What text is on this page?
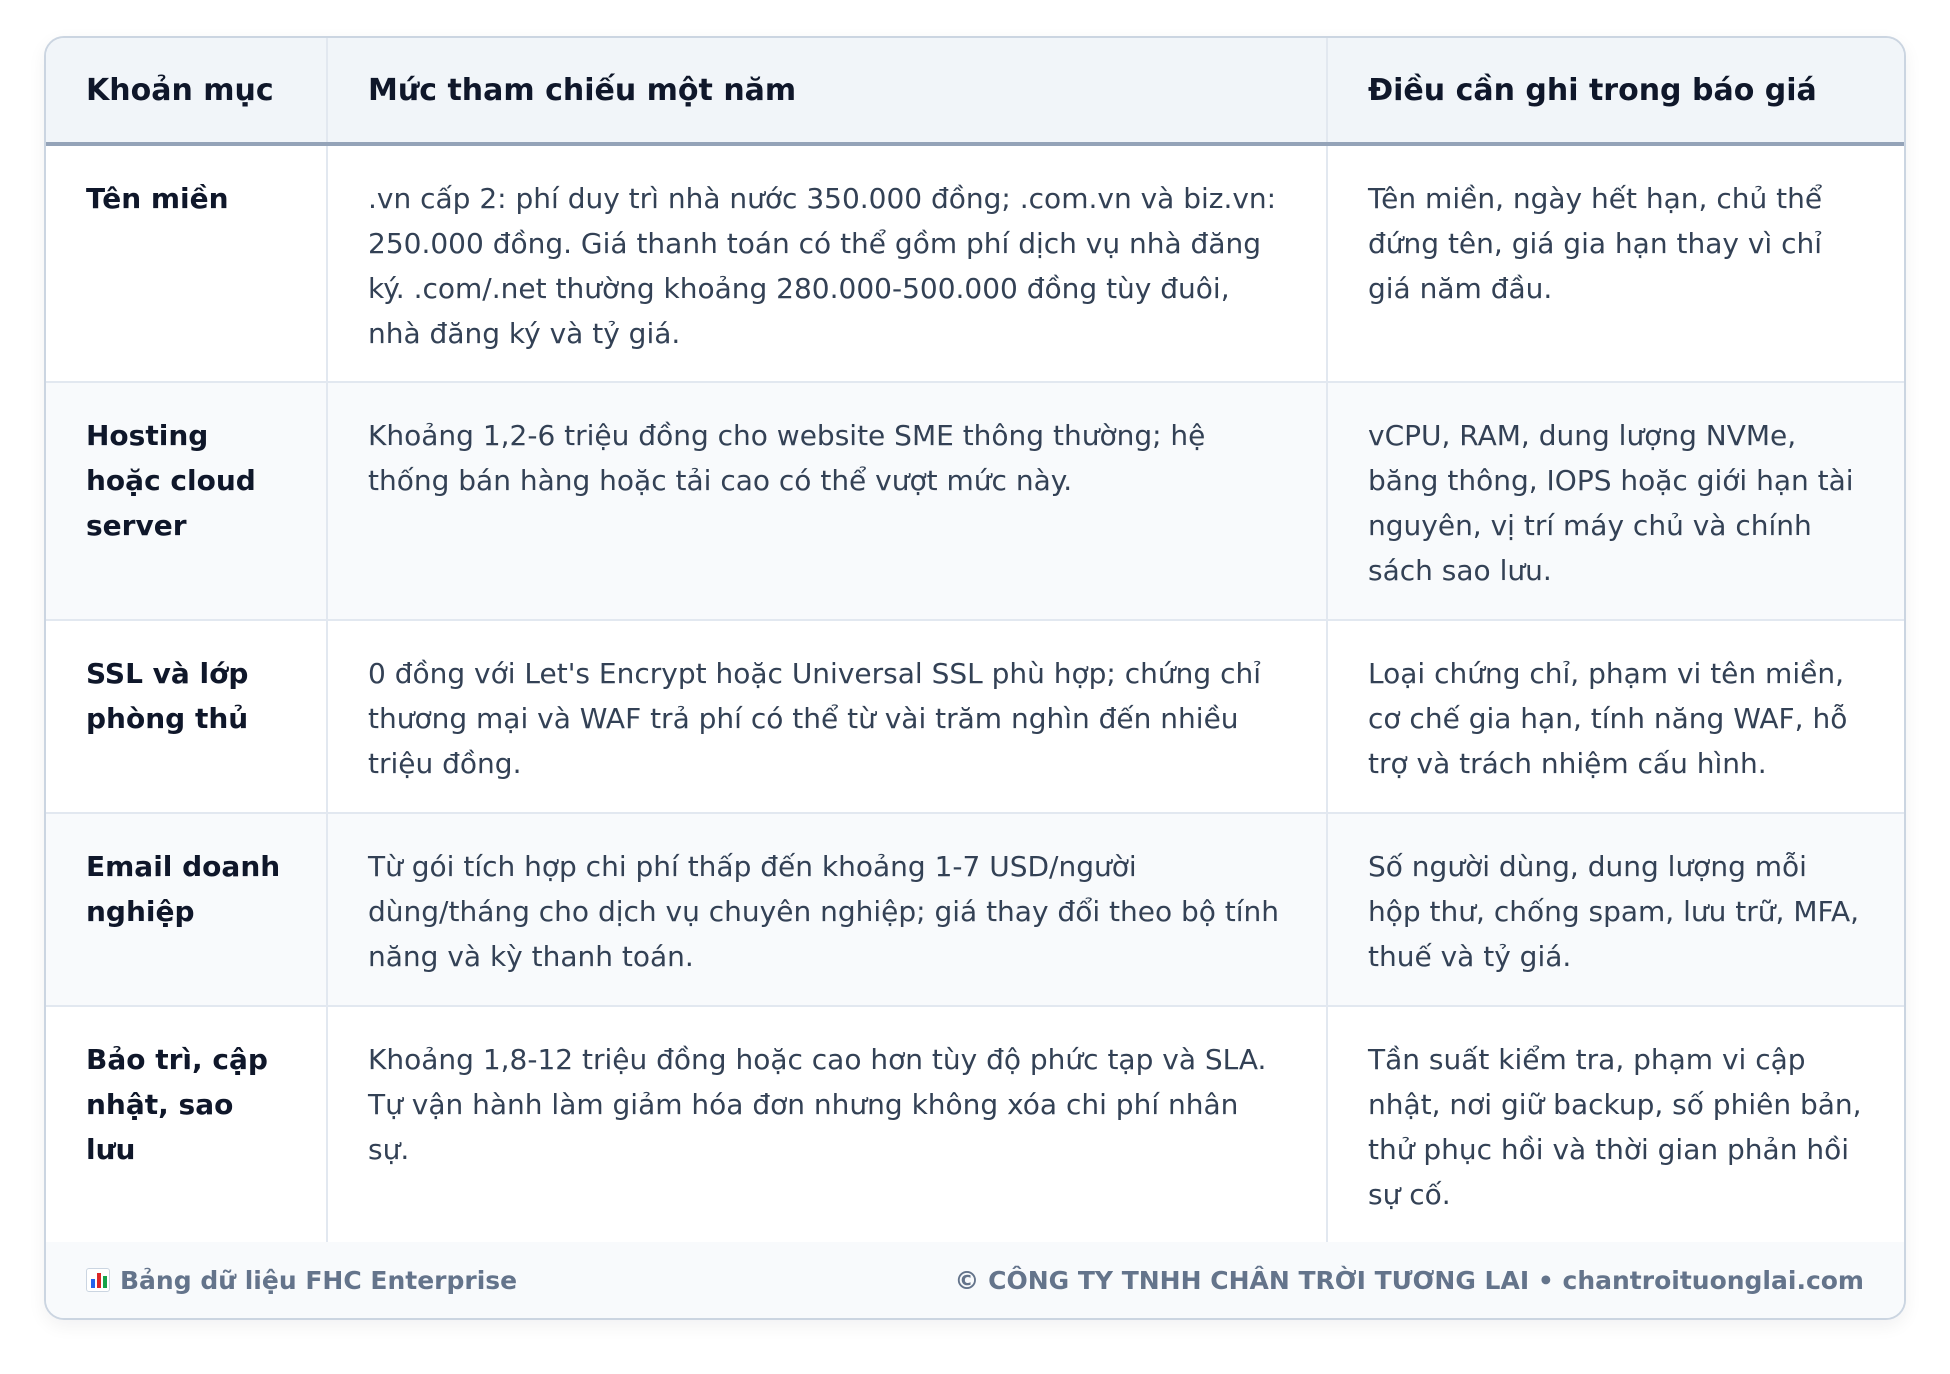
Khoản mục	Mức tham chiếu một năm	Điều cần ghi trong báo giá
Tên miền	.vn cấp 2: phí duy trì nhà nước 350.000 đồng; .com.vn và biz.vn: 250.000 đồng. Giá thanh toán có thể gồm phí dịch vụ nhà đăng ký. .com/.net thường khoảng 280.000-500.000 đồng tùy đuôi, nhà đăng ký và tỷ giá.	Tên miền, ngày hết hạn, chủ thể đứng tên, giá gia hạn thay vì chỉ giá năm đầu.
Hosting hoặc cloud server	Khoảng 1,2-6 triệu đồng cho website SME thông thường; hệ thống bán hàng hoặc tải cao có thể vượt mức này.	vCPU, RAM, dung lượng NVMe, băng thông, IOPS hoặc giới hạn tài nguyên, vị trí máy chủ và chính sách sao lưu.
SSL và lớp phòng thủ	0 đồng với Let's Encrypt hoặc Universal SSL phù hợp; chứng chỉ thương mại và WAF trả phí có thể từ vài trăm nghìn đến nhiều triệu đồng.	Loại chứng chỉ, phạm vi tên miền, cơ chế gia hạn, tính năng WAF, hỗ trợ và trách nhiệm cấu hình.
Email doanh nghiệp	Từ gói tích hợp chi phí thấp đến khoảng 1-7 USD/người dùng/tháng cho dịch vụ chuyên nghiệp; giá thay đổi theo bộ tính năng và kỳ thanh toán.	Số người dùng, dung lượng mỗi hộp thư, chống spam, lưu trữ, MFA, thuế và tỷ giá.
Bảo trì, cập nhật, sao lưu	Khoảng 1,8-12 triệu đồng hoặc cao hơn tùy độ phức tạp và SLA. Tự vận hành làm giảm hóa đơn nhưng không xóa chi phí nhân sự.	Tần suất kiểm tra, phạm vi cập nhật, nơi giữ backup, số phiên bản, thử phục hồi và thời gian phản hồi sự cố.
Bảng dữ liệu FHC Enterprise	© CÔNG TY TNHH CHÂN TRỜI TƯƠNG LAI • chantroituonglai.com
